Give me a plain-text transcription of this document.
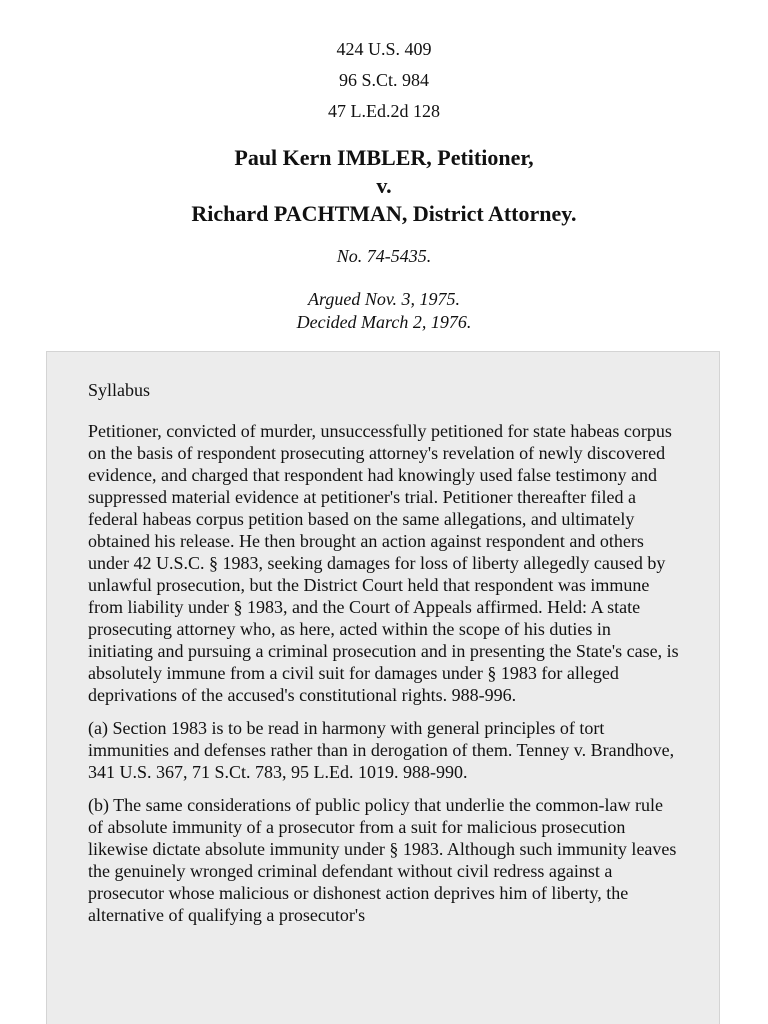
424 U.S. 409
96 S.Ct. 984
47 L.Ed.2d 128
Paul Kern IMBLER, Petitioner,
v.
Richard PACHTMAN, District Attorney.
No. 74-5435.
Argued Nov. 3, 1975.
Decided March 2, 1976.

Syllabus

Petitioner, convicted of murder, unsuccessfully petitioned for state habeas corpus on the basis of respondent prosecuting attorney's revelation of newly discovered evidence, and charged that respondent had knowingly used false testimony and suppressed material evidence at petitioner's trial. Petitioner thereafter filed a federal habeas corpus petition based on the same allegations, and ultimately obtained his release. He then brought an action against respondent and others under 42 U.S.C. § 1983, seeking damages for loss of liberty allegedly caused by unlawful prosecution, but the District Court held that respondent was immune from liability under § 1983, and the Court of Appeals affirmed. Held: A state prosecuting attorney who, as here, acted within the scope of his duties in initiating and pursuing a criminal prosecution and in presenting the State's case, is absolutely immune from a civil suit for damages under § 1983 for alleged deprivations of the accused's constitutional rights. 988-996.

(a) Section 1983 is to be read in harmony with general principles of tort immunities and defenses rather than in derogation of them. Tenney v. Brandhove, 341 U.S. 367, 71 S.Ct. 783, 95 L.Ed. 1019. 988-990.

(b) The same considerations of public policy that underlie the common-law rule of absolute immunity of a prosecutor from a suit for malicious prosecution likewise dictate absolute immunity under § 1983. Although such immunity leaves the genuinely wronged criminal defendant without civil redress against a prosecutor whose malicious or dishonest action deprives him of liberty, the alternative of qualifying a prosecutor's
